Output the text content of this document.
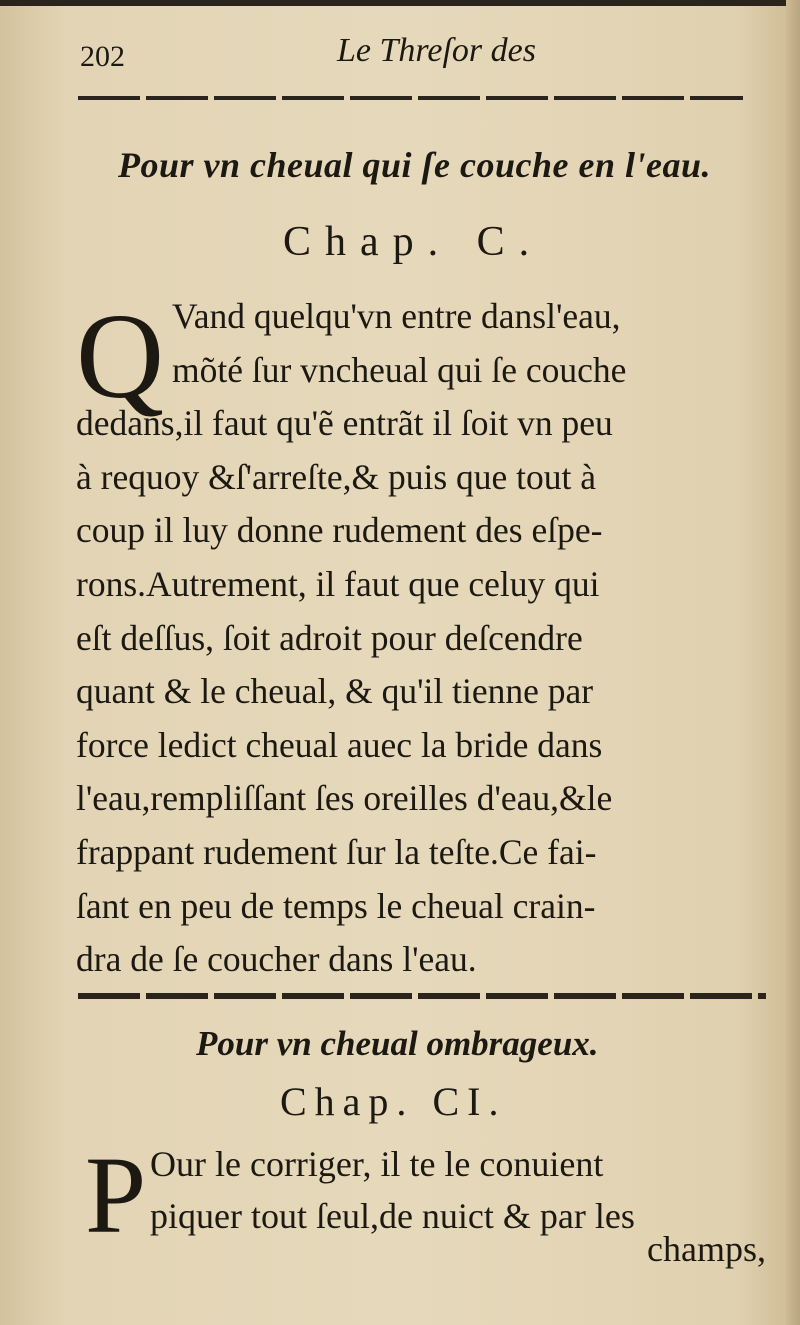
202	Le Threſor des
Pour vn cheual qui ſe couche en l'eau.
Chap. C.
Q Vand quelqu'vn entre dansl'eau,
mõté ſur vncheual qui ſe couche
dedans,il faut qu'ẽ entrãt il ſoit vn peu
à requoy &ſ'arreſte,& puis que tout à
coup il luy donne rudement des eſpe-
rons.Autrement, il faut que celuy qui
eſt deſſus, ſoit adroit pour deſcendre
quant & le cheual, & qu'il tienne par
force ledict cheual auec la bride dans
l'eau,rempliſſant ſes oreilles d'eau,&le
frappant rudement ſur la teſte.Ce fai-
ſant en peu de temps le cheual crain-
dra de ſe coucher dans l'eau.
Pour vn cheual ombrageux.
Chap. CI.
P Our le corriger, il te le conuient
piquer tout ſeul,de nuict & par les
champs,
